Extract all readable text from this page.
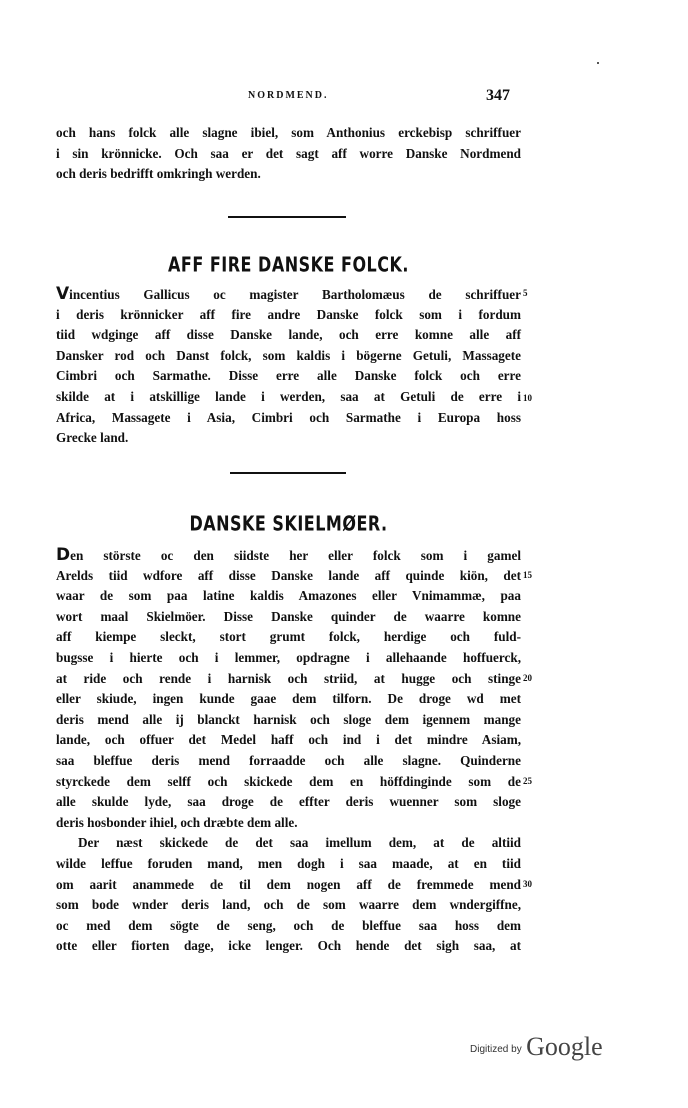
NORDMEND.	347
och hans folck alle slagne ibiel, som Anthonius erckebisp schriffuer
i sin krönnicke. Och saa er det sagt aff worre Danske Nordmend
och deris bedrifft omkringh werden.
AFF FIRE DANSKE FOLCK.
Vincentius Gallicus oc magister Bartholomæus de schriffuer
i deris krönnicker aff fire andre Danske folck som i fordum
tiid wdginge aff disse Danske lande, och erre komne alle aff
Dansker rod och Danst folck, som kaldis i bögerne Getuli, Massagete
Cimbri och Sarmathe. Disse erre alle Danske folck och erre
skilde at i atskillige lande i werden, saa at Getuli de erre i
Africa, Massagete i Asia, Cimbri och Sarmathe i Europa hoss
Grecke land.
5
10
DANSKE SKIELMØER.
Den störste oc den siidste her eller folck som i gamel
Arelds tiid wdfore aff disse Danske lande aff quinde kiön, det
waar de som paa latine kaldis Amazones eller Vnimammæ, paa
wort maal Skielmöer. Disse Danske quinder de waarre komne
aff kiempe sleckt, stort grumt folck, herdige och fuld-
bugsse i hierte och i lemmer, opdragne i allehaande hoffuerck,
at ride och rende i harnisk och striid, at hugge och stinge
eller skiude, ingen kunde gaae dem tilforn. De droge wd met
deris mend alle ij blanckt harnisk och sloge dem igennem mange
lande, och offuer det Medel haff och ind i det mindre Asiam,
saa bleffue deris mend forraadde och alle slagne. Quinderne
styrckede dem selff och skickede dem en höffdinginde som de
alle skulde lyde, saa droge de effter deris wuenner som sloge
deris hosbonder ihiel, och dræbte dem alle.
Der næst skickede de det saa imellum dem, at de altiid
wilde leffue foruden mand, men dogh i saa maade, at en tiid
om aarit anammede de til dem nogen aff de fremmede mend
som bode wnder deris land, och de som waarre dem wndergiffne,
oc med dem sögte de seng, och de bleffue saa hoss dem
otte eller fiorten dage, icke lenger. Och hende det sigh saa, at
15
20
25
30
Digitized by Google
